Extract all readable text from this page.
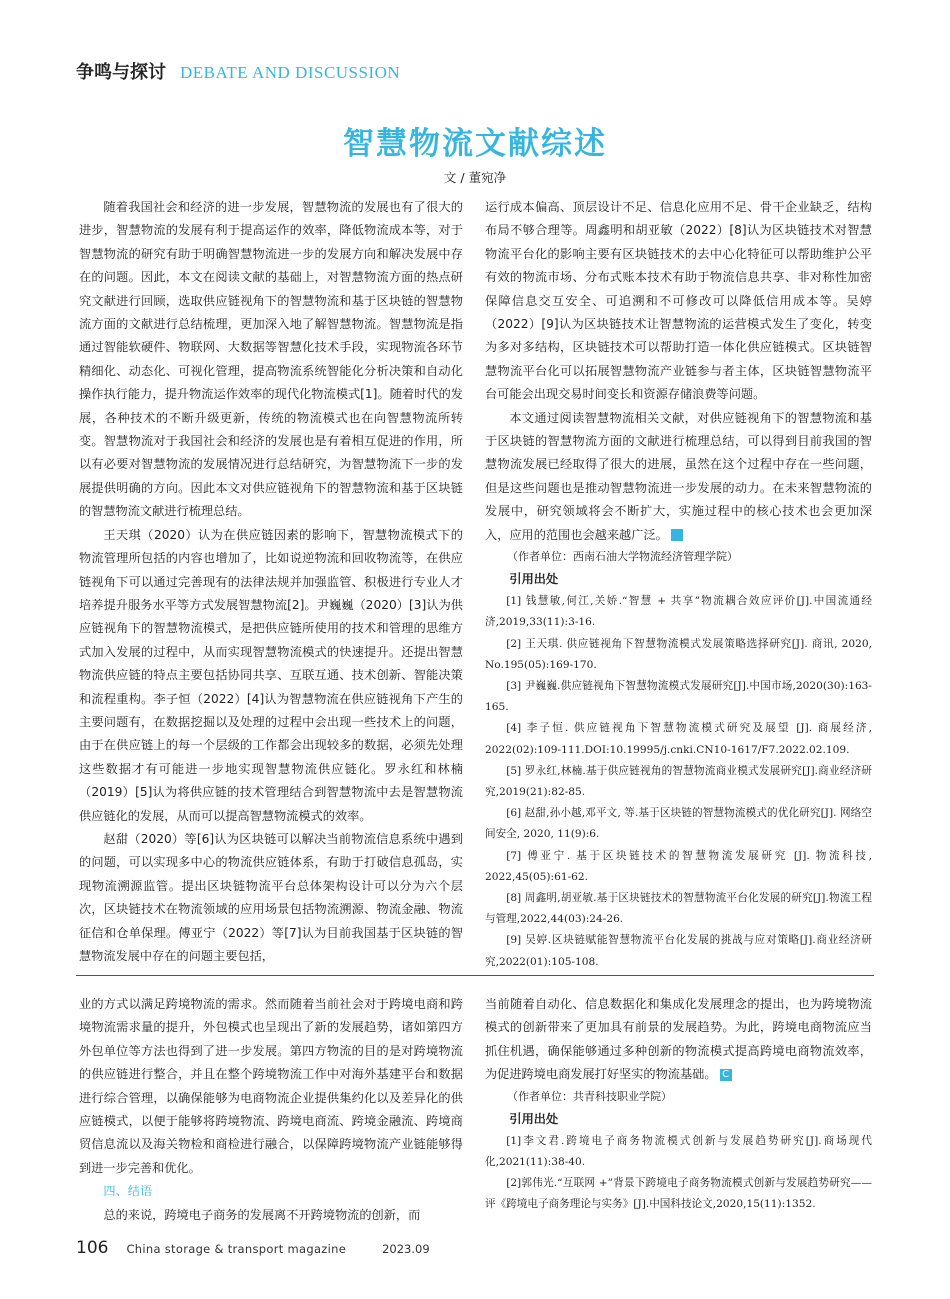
争鸣与探讨 DEBATE AND DISCUSSION
智慧物流文献综述
文 / 董宛净

随着我国社会和经济的进一步发展，智慧物流的发展也有了很大的进步，智慧物流的发展有利于提高运作的效率，降低物流成本等，对于智慧物流的研究有助于明确智慧物流进一步的发展方向和解决发展中存在的问题。因此，本文在阅读文献的基础上，对智慧物流方面的热点研究文献进行回顾，选取供应链视角下的智慧物流和基于区块链的智慧物流方面的文献进行总结梳理，更加深入地了解智慧物流。智慧物流是指通过智能软硬件、物联网、大数据等智慧化技术手段，实现物流各环节精细化、动态化、可视化管理，提高物流系统智能化分析决策和自动化操作执行能力，提升物流运作效率的现代化物流模式[1]。随着时代的发展，各种技术的不断升级更新，传统的物流模式也在向智慧物流所转变。智慧物流对于我国社会和经济的发展也是有着相互促进的作用，所以有必要对智慧物流的发展情况进行总结研究，为智慧物流下一步的发展提供明确的方向。因此本文对供应链视角下的智慧物流和基于区块链的智慧物流文献进行梳理总结。

王天琪（2020）认为在供应链因素的影响下，智慧物流模式下的物流管理所包括的内容也增加了，比如说逆物流和回收物流等，在供应链视角下可以通过完善现有的法律法规并加强监管、积极进行专业人才培养提升服务水平等方式发展智慧物流[2]。尹巍巍（2020）[3]认为供应链视角下的智慧物流模式，是把供应链所使用的技术和管理的思维方式加入发展的过程中，从而实现智慧物流模式的快速提升。还提出智慧物流供应链的特点主要包括协同共享、互联互通、技术创新、智能决策和流程重构。李子恒（2022）[4]认为智慧物流在供应链视角下产生的主要问题有，在数据挖掘以及处理的过程中会出现一些技术上的问题，由于在供应链上的每一个层级的工作都会出现较多的数据，必须先处理这些数据才有可能进一步地实现智慧物流供应链化。罗永红和林楠（2019）[5]认为将供应链的技术管理结合到智慧物流中去是智慧物流供应链化的发展，从而可以提高智慧物流模式的效率。

赵甜（2020）等[6]认为区块链可以解决当前物流信息系统中遇到的问题，可以实现多中心的物流供应链体系，有助于打破信息孤岛，实现物流溯源监管。提出区块链物流平台总体架构设计可以分为六个层次，区块链技术在物流领域的应用场景包括物流溯源、物流金融、物流征信和仓单保理。傅亚宁（2022）等[7]认为目前我国基于区块链的智慧物流发展中存在的问题主要包括，

运行成本偏高、顶层设计不足、信息化应用不足、骨干企业缺乏，结构布局不够合理等。周鑫明和胡亚敏（2022）[8]认为区块链技术对智慧物流平台化的影响主要有区块链技术的去中心化特征可以帮助维护公平有效的物流市场、分布式账本技术有助于物流信息共享、非对称性加密保障信息交互安全、可追溯和不可修改可以降低信用成本等。吴婷（2022）[9]认为区块链技术让智慧物流的运营模式发生了变化，转变为多对多结构，区块链技术可以帮助打造一体化供应链模式。区块链智慧物流平台化可以拓展智慧物流产业链参与者主体，区块链智慧物流平台可能会出现交易时间变长和资源存储浪费等问题。

本文通过阅读智慧物流相关文献，对供应链视角下的智慧物流和基于区块链的智慧物流方面的文献进行梳理总结，可以得到目前我国的智慧物流发展已经取得了很大的进展，虽然在这个过程中存在一些问题，但是这些问题也是推动智慧物流进一步发展的动力。在未来智慧物流的发展中，研究领域将会不断扩大，实施过程中的核心技术也会更加深入，应用的范围也会越来越广泛。	C

（作者单位：西南石油大学物流经济管理学院）

引用出处

[1] 钱慧敏,何江,关娇.“智慧 + 共享”物流耦合效应评价[J].中国流通经济,2019,33(11):3-16.

[2] 王天琪. 供应链视角下智慧物流模式发展策略选择研究[J]. 商讯, 2020, No.195(05):169-170.

[3] 尹巍巍.供应链视角下智慧物流模式发展研究[J].中国市场,2020(30):163-165.

[4] 李子恒. 供应链视角下智慧物流模式研究及展望 [J]. 商展经济, 2022(02):109-111.DOI:10.19995/j.cnki.CN10-1617/F7.2022.02.109.

[5] 罗永红,林楠.基于供应链视角的智慧物流商业模式发展研究[J].商业经济研究,2019(21):82-85.

[6] 赵甜,孙小越,邓平文, 等.基于区块链的智慧物流模式的优化研究[J]. 网络空间安全, 2020, 11(9):6.

[7] 傅亚宁. 基于区块链技术的智慧物流发展研究 [J]. 物流科技, 2022,45(05):61-62.

[8] 周鑫明,胡亚敏.基于区块链技术的智慧物流平台化发展的研究[J].物流工程与管理,2022,44(03):24-26.

[9] 吴婷.区块链赋能智慧物流平台化发展的挑战与应对策略[J].商业经济研究,2022(01):105-108.

业的方式以满足跨境物流的需求。然而随着当前社会对于跨境电商和跨境物流需求量的提升，外包模式也呈现出了新的发展趋势，诸如第四方外包单位等方法也得到了进一步发展。第四方物流的目的是对跨境物流的供应链进行整合，并且在整个跨境物流工作中对海外基建平台和数据进行综合管理，以确保能够为电商物流企业提供集约化以及差异化的供应链模式，以便于能够将跨境物流、跨境电商流、跨境金融流、跨境商贸信息流以及海关物检和商检进行融合，以保障跨境物流产业链能够得到进一步完善和优化。

四、结语

总的来说，跨境电子商务的发展离不开跨境物流的创新，而

当前随着自动化、信息数据化和集成化发展理念的提出，也为跨境物流模式的创新带来了更加具有前景的发展趋势。为此，跨境电商物流应当抓住机遇，确保能够通过多种创新的物流模式提高跨境电商物流效率，为促进跨境电商发展打好坚实的物流基础。 C

（作者单位：共青科技职业学院）

引用出处

[1]李文君.跨境电子商务物流模式创新与发展趋势研究[J].商场现代化,2021(11):38-40.

[2]郭伟光.“互联网 +”背景下跨境电子商务物流模式创新与发展趋势研究——评《跨境电子商务理论与实务》[J].中国科技论文,2020,15(11):1352.

106 China storage & transport magazine	2023.09
